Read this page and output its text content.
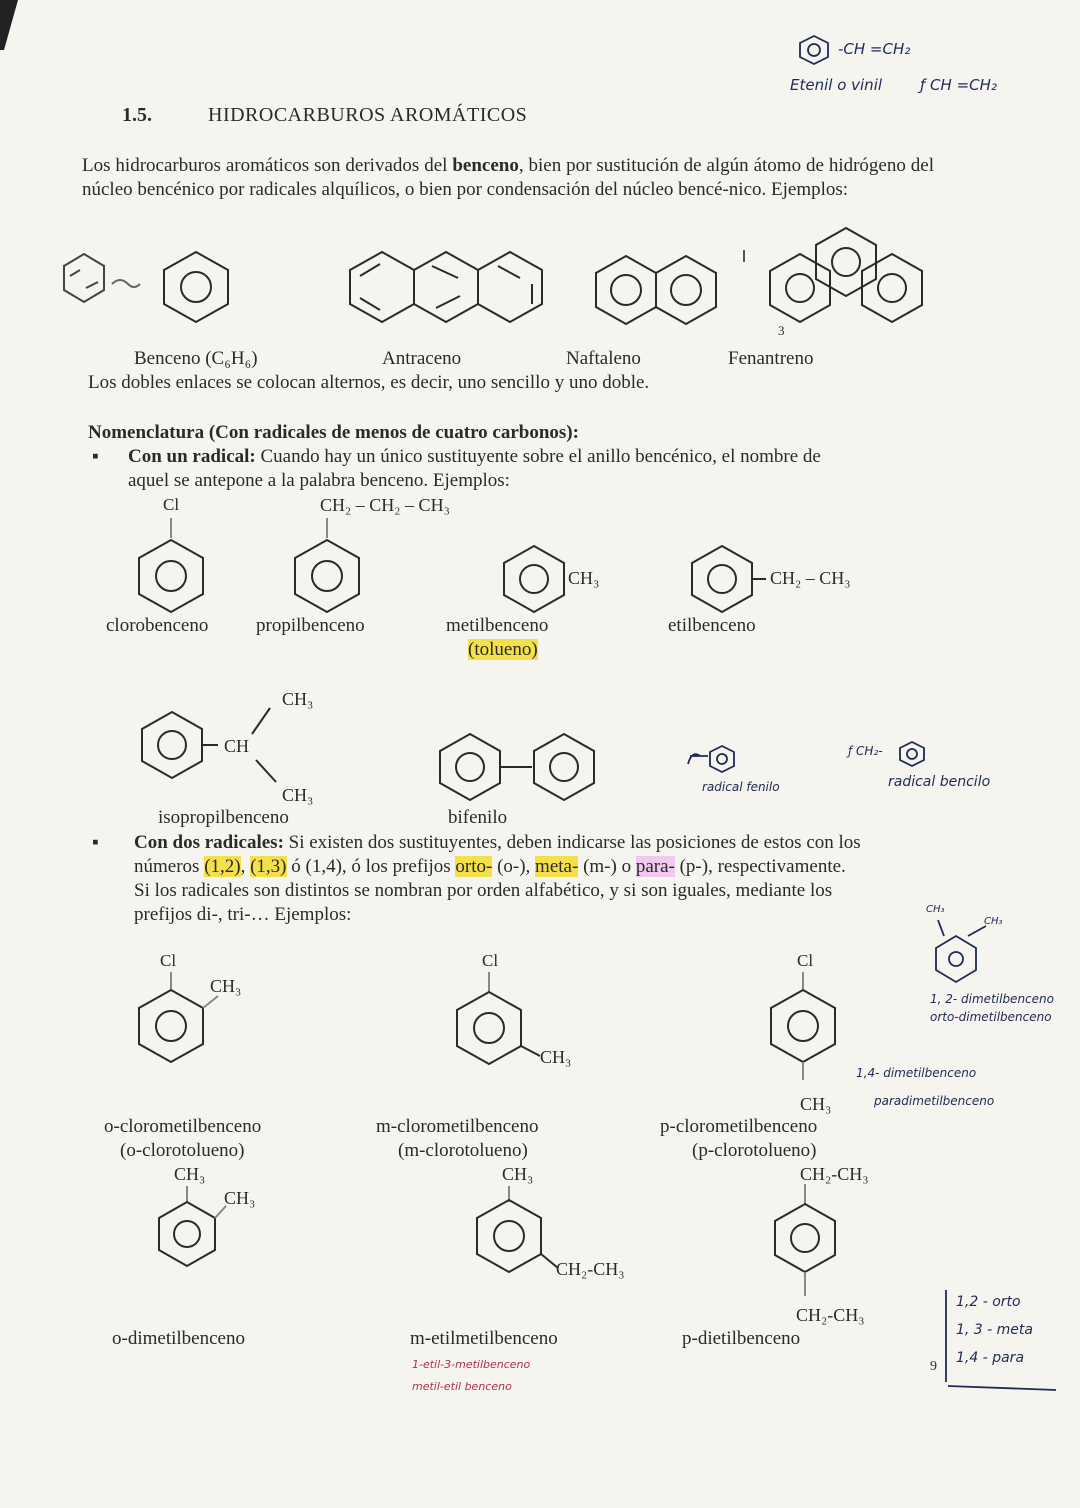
-CH =CH₂
Etenil o vinil	ƒ CH =CH₂
1.5.	HIDROCARBUROS AROMÁTICOS
Los hidrocarburos aromáticos son derivados del benceno, bien por sustitución de algún átomo de hidrógeno del núcleo bencénico por radicales alquílicos, o bien por condensación del núcleo bencé-nico. Ejemplos:
Benceno (C₆H₆)	Antraceno	Naftaleno	Fenantreno
3
Los dobles enlaces se colocan alternos, es decir, uno sencillo y uno doble.
Nomenclatura (Con radicales de menos de cuatro carbonos):
▪ Con un radical: Cuando hay un único sustituyente sobre el anillo bencénico, el nombre de
aquel se antepone a la palabra benceno. Ejemplos:
Cl	CH₂ – CH₂ – CH₃
CH₃	CH₂ – CH₃
clorobenceno	propilbenceno	metilbenceno
(tolueno)
etilbenceno
CH₃
CH
CH₃
isopropilbenceno	bifenilo
radical fenilo
ƒ CH₂-
radical bencilo
▪ Con dos radicales: Si existen dos sustituyentes, deben indicarse las posiciones de estos con los
números (1,2), (1,3) ó (1,4), ó los prefijos orto- (o-), meta- (m-) o para- (p-), respectivamente.
Si los radicales son distintos se nombran por orden alfabético, y si son iguales, mediante los
prefijos di-, tri-… Ejemplos:	CH₃
CH₃
1, 2- dimetilbenceno
orto-dimetilbenceno
1,4- dimetilbenceno
paradimetilbenceno
Cl
CH₃
Cl
CH₃
Cl
CH₃
o-clorometilbenceno
(o-clorotolueno)
m-clorometilbenceno
(m-clorotolueno)
p-clorometilbenceno
(p-clorotolueno)
CH₃
CH₃
CH₃
CH₂-CH₃
CH₂-CH₃
CH₂-CH₃
o-dimetilbenceno	m-etilmetilbenceno	p-dietilbenceno
1-etil-3-metilbenceno
metil-etil benceno
1,2 - orto
1, 3 - meta
1,4 - para
9
